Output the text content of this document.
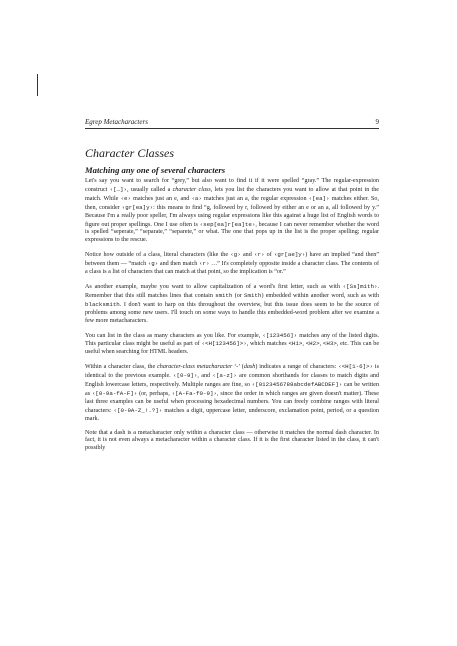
Egrep Metacharacters	9
Character Classes
Matching any one of several characters

Let's say you want to search for “grey,” but also want to find it if it were spelled “gray.” The regular-expression construct ‹[…]›, usually called a character class, lets you list the characters you want to allow at that point in the match. While ‹e› matches just an e, and ‹a› matches just an a, the regular expression ‹[ea]› matches either. So, then, consider ‹gr[ea]y›: this means to find “g, followed by r, followed by either an e or an a, all followed by y.” Because I'm a really poor speller, I'm always using regular expressions like this against a huge list of English words to figure out proper spellings. One I use often is ‹sep[ea]r[ea]te›, because I can never remember whether the word is spelled “seperate,” “separate,” “separete,” or what. The one that pops up in the list is the proper spelling; regular expressions to the rescue.

Notice how outside of a class, literal characters (like the ‹g› and ‹r› of ‹gr[ae]y›) have an implied “and then” between them — “match ‹g› and then match ‹r› …” It's completely opposite inside a character class. The contents of a class is a list of characters that can match at that point, so the implication is “or.”

As another example, maybe you want to allow capitalization of a word's first letter, such as with ‹[Ss]mith›. Remember that this still matches lines that contain smith (or Smith) embedded within another word, such as with blacksmith. I don't want to harp on this throughout the overview, but this issue does seem to be the source of problems among some new users. I'll touch on some ways to handle this embedded-word problem after we examine a few more metacharacters.

You can list in the class as many characters as you like. For example, ‹[123456]› matches any of the listed digits. This particular class might be useful as part of ‹<H[123456]>›, which matches <H1>, <H2>, <H3>, etc. This can be useful when searching for HTML headers.

Within a character class, the character-class metacharacter ‘-’ (dash) indicates a range of characters: ‹<H[1-6]>› is identical to the previous example. ‹[0-9]›, and ‹[a-z]› are common shorthands for classes to match digits and English lowercase letters, respectively. Multiple ranges are fine, so ‹[0123456789abcdefABCDEF]› can be written as ‹[0-9a-fA-F]› (or, perhaps, ‹[A-Fa-f0-9]›, since the order in which ranges are given doesn't matter). These last three examples can be useful when processing hexadecimal numbers. You can freely combine ranges with literal characters: ‹[0-9A-Z_!.?]› matches a digit, uppercase letter, underscore, exclamation point, period, or a question mark.

Note that a dash is a metacharacter only within a character class — otherwise it matches the normal dash character. In fact, it is not even always a metacharacter within a character class. If it is the first character listed in the class, it can't possibly
